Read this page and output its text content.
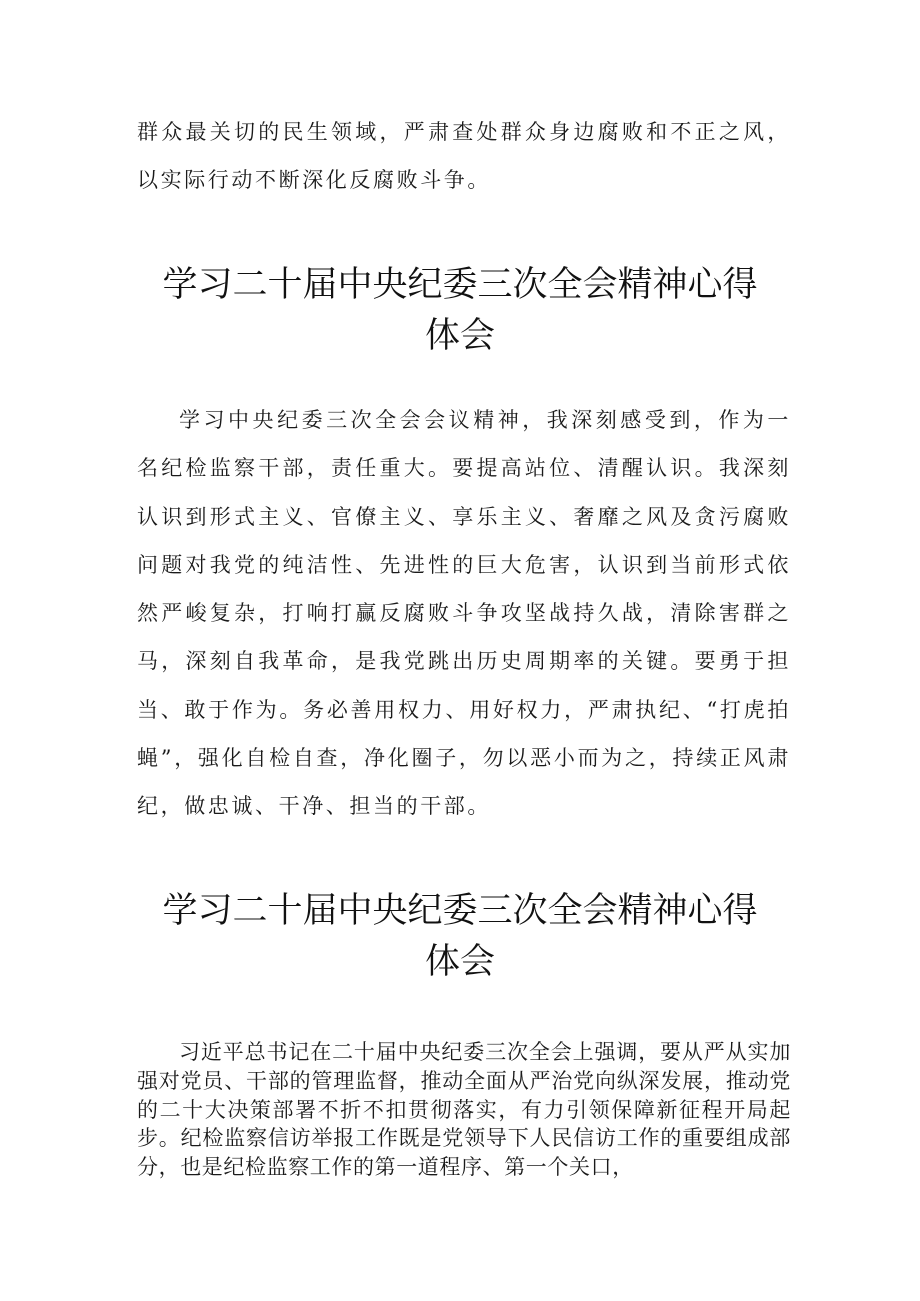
群众最关切的民生领域，严肃查处群众身边腐败和不正之风，以实际行动不断深化反腐败斗争。

学习二十届中央纪委三次全会精神心得体会

学习中央纪委三次全会会议精神，我深刻感受到，作为一名纪检监察干部，责任重大。要提高站位、清醒认识。我深刻认识到形式主义、官僚主义、享乐主义、奢靡之风及贪污腐败问题对我党的纯洁性、先进性的巨大危害，认识到当前形式依然严峻复杂，打响打赢反腐败斗争攻坚战持久战，清除害群之马，深刻自我革命，是我党跳出历史周期率的关键。要勇于担当、敢于作为。务必善用权力、用好权力，严肃执纪、“打虎拍蝇”，强化自检自查，净化圈子，勿以恶小而为之，持续正风肃纪，做忠诚、干净、担当的干部。

学习二十届中央纪委三次全会精神心得体会

习近平总书记在二十届中央纪委三次全会上强调，要从严从实加强对党员、干部的管理监督，推动全面从严治党向纵深发展，推动党的二十大决策部署不折不扣贯彻落实，有力引领保障新征程开局起步。纪检监察信访举报工作既是党领导下人民信访工作的重要组成部分，也是纪检监察工作的第一道程序、第一个关口，
